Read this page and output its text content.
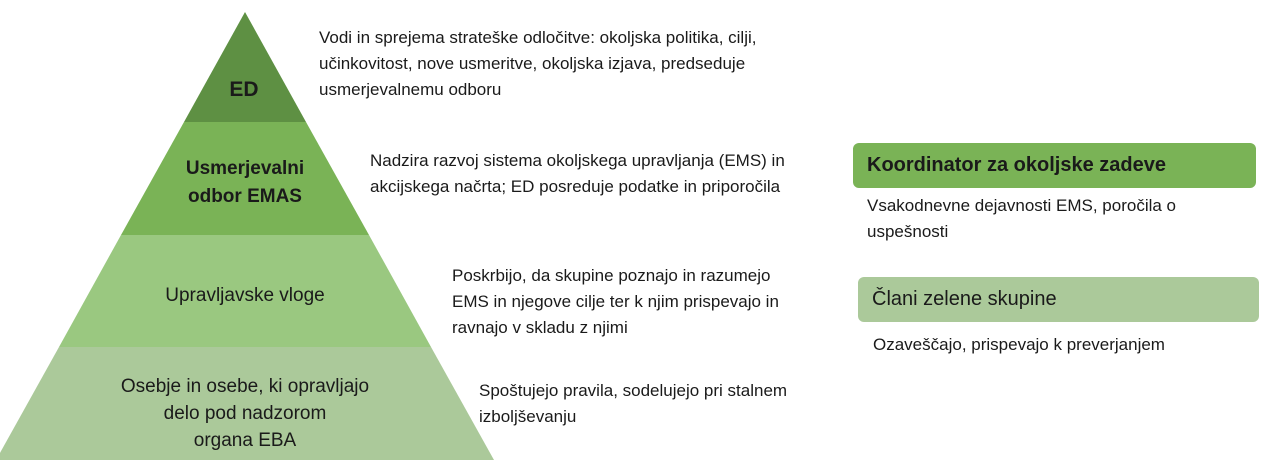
ED
Usmerjevalni
odbor EMAS
Upravljavske vloge
Osebje in osebe, ki opravljajo
delo pod nadzorom
organa EBA
Vodi in sprejema strateške odločitve: okoljska politika, cilji,
učinkovitost, nove usmeritve, okoljska izjava, predseduje
usmerjevalnemu odboru
Nadzira razvoj sistema okoljskega upravljanja (EMS) in
akcijskega načrta; ED posreduje podatke in priporočila
Poskrbijo, da skupine poznajo in razumejo
EMS in njegove cilje ter k njim prispevajo in
ravnajo v skladu z njimi
Spoštujejo pravila, sodelujejo pri stalnem
izboljševanju
Koordinator za okoljske zadeve
Vsakodnevne dejavnosti EMS, poročila o
uspešnosti
Člani zelene skupine
Ozaveščajo, prispevajo k preverjanjem
